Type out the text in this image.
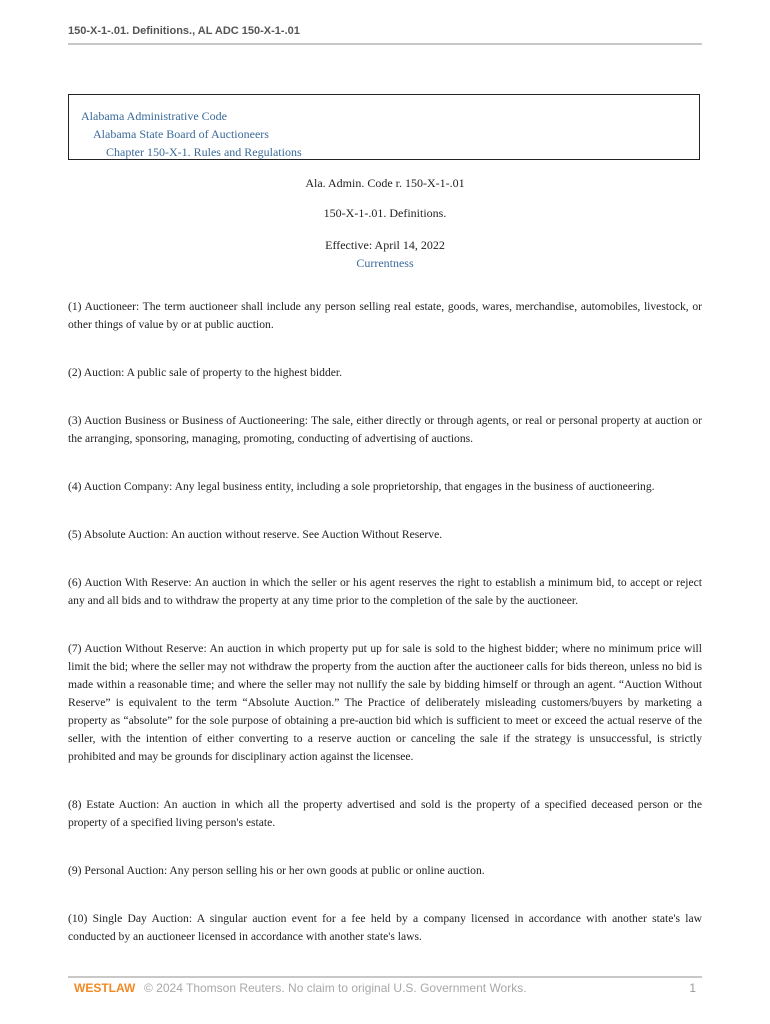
150-X-1-.01. Definitions., AL ADC 150-X-1-.01
Alabama Administrative Code
Alabama State Board of Auctioneers
Chapter 150-X-1. Rules and Regulations
Ala. Admin. Code r. 150-X-1-.01
150-X-1-.01. Definitions.
Effective: April 14, 2022
Currentness

(1) Auctioneer: The term auctioneer shall include any person selling real estate, goods, wares, merchandise, automobiles, livestock, or other things of value by or at public auction.

(2) Auction: A public sale of property to the highest bidder.

(3) Auction Business or Business of Auctioneering: The sale, either directly or through agents, or real or personal property at auction or the arranging, sponsoring, managing, promoting, conducting of advertising of auctions.

(4) Auction Company: Any legal business entity, including a sole proprietorship, that engages in the business of auctioneering.

(5) Absolute Auction: An auction without reserve. See Auction Without Reserve.

(6) Auction With Reserve: An auction in which the seller or his agent reserves the right to establish a minimum bid, to accept or reject any and all bids and to withdraw the property at any time prior to the completion of the sale by the auctioneer.

(7) Auction Without Reserve: An auction in which property put up for sale is sold to the highest bidder; where no minimum price will limit the bid; where the seller may not withdraw the property from the auction after the auctioneer calls for bids thereon, unless no bid is made within a reasonable time; and where the seller may not nullify the sale by bidding himself or through an agent. “Auction Without Reserve” is equivalent to the term “Absolute Auction.” The Practice of deliberately misleading customers/buyers by marketing a property as “absolute” for the sole purpose of obtaining a pre-auction bid which is sufficient to meet or exceed the actual reserve of the seller, with the intention of either converting to a reserve auction or canceling the sale if the strategy is unsuccessful, is strictly prohibited and may be grounds for disciplinary action against the licensee.

(8) Estate Auction: An auction in which all the property advertised and sold is the property of a specified deceased person or the property of a specified living person's estate.

(9) Personal Auction: Any person selling his or her own goods at public or online auction.

(10) Single Day Auction: A singular auction event for a fee held by a company licensed in accordance with another state's law conducted by an auctioneer licensed in accordance with another state's laws.

WESTLAW © 2024 Thomson Reuters. No claim to original U.S. Government Works.	1
